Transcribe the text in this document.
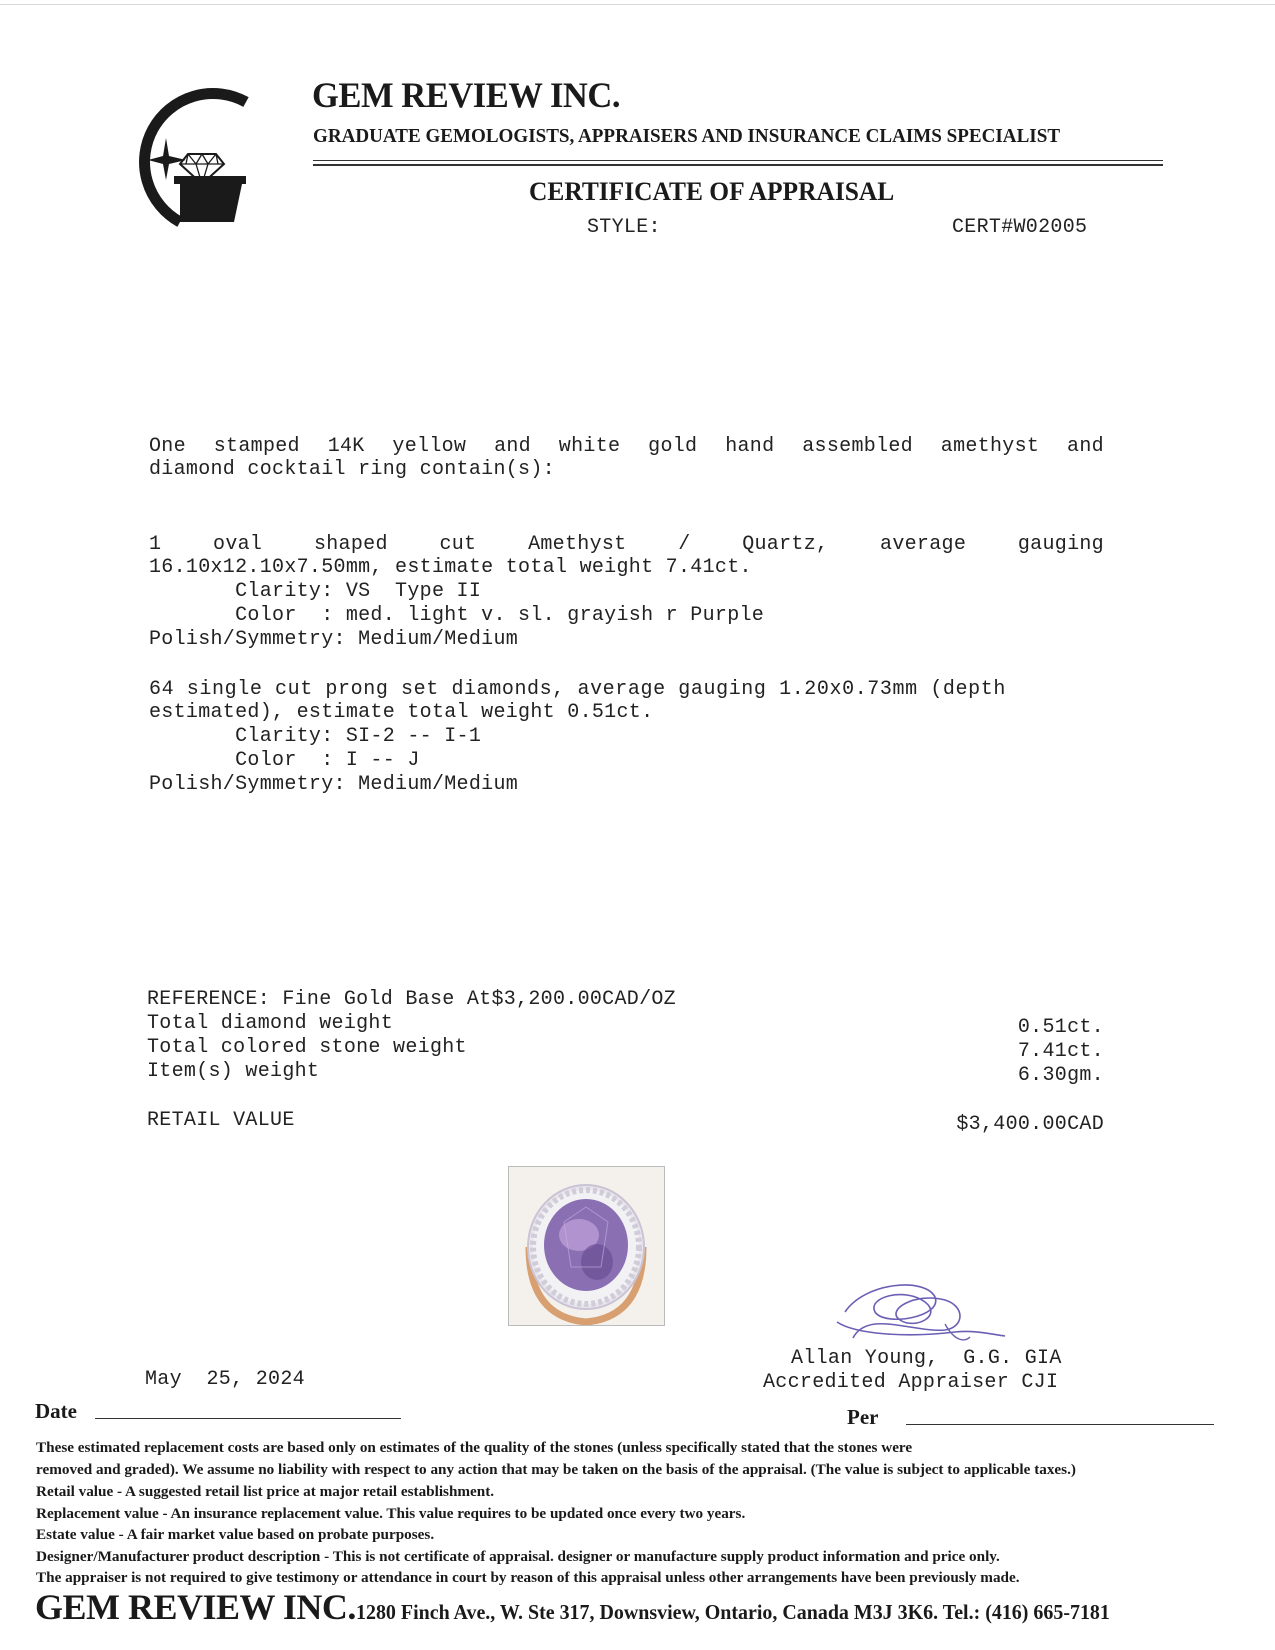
GEM REVIEW INC.
GRADUATE GEMOLOGISTS, APPRAISERS AND INSURANCE CLAIMS SPECIALIST
CERTIFICATE OF APPRAISAL
STYLE:	CERT#W02005
One stamped 14K yellow and white gold hand assembled amethyst and
diamond cocktail ring contain(s):
1	oval	shaped	cut	Amethyst	/	Quartz,	average	gauging
16.10x12.10x7.50mm, estimate total weight 7.41ct.
Clarity: VS  Type II
Color  : med. light v. sl. grayish r Purple
Polish/Symmetry: Medium/Medium
64 single cut prong set diamonds, average gauging 1.20x0.73mm (depth
estimated), estimate total weight 0.51ct.
Clarity: SI-2 -- I-1
Color  : I -- J
Polish/Symmetry: Medium/Medium
REFERENCE: Fine Gold Base At$3,200.00CAD/OZ
Total diamond weight	0.51ct.
Total colored stone weight	7.41ct.
Item(s) weight	6.30gm.
RETAIL VALUE	$3,400.00CAD
Allan Young,  G.G. GIA
Accredited Appraiser CJI
May  25, 2024
Date	Per
These estimated replacement costs are based only on estimates of the quality of the stones (unless specifically stated that the stones were
removed and graded). We assume no liability with respect to any action that may be taken on the basis of the appraisal. (The value is subject to applicable taxes.)
Retail value - A suggested retail list price at major retail establishment.
Replacement value - An insurance replacement value. This value requires to be updated once every two years.
Estate value - A fair market value based on probate purposes.
Designer/Manufacturer product description - This is not certificate of appraisal. designer or manufacture supply product information and price only.
The appraiser is not required to give testimony or attendance in court by reason of this appraisal unless other arrangements have been previously made.
GEM REVIEW INC.1280 Finch Ave., W. Ste 317, Downsview, Ontario, Canada M3J 3K6. Tel.: (416) 665-7181
